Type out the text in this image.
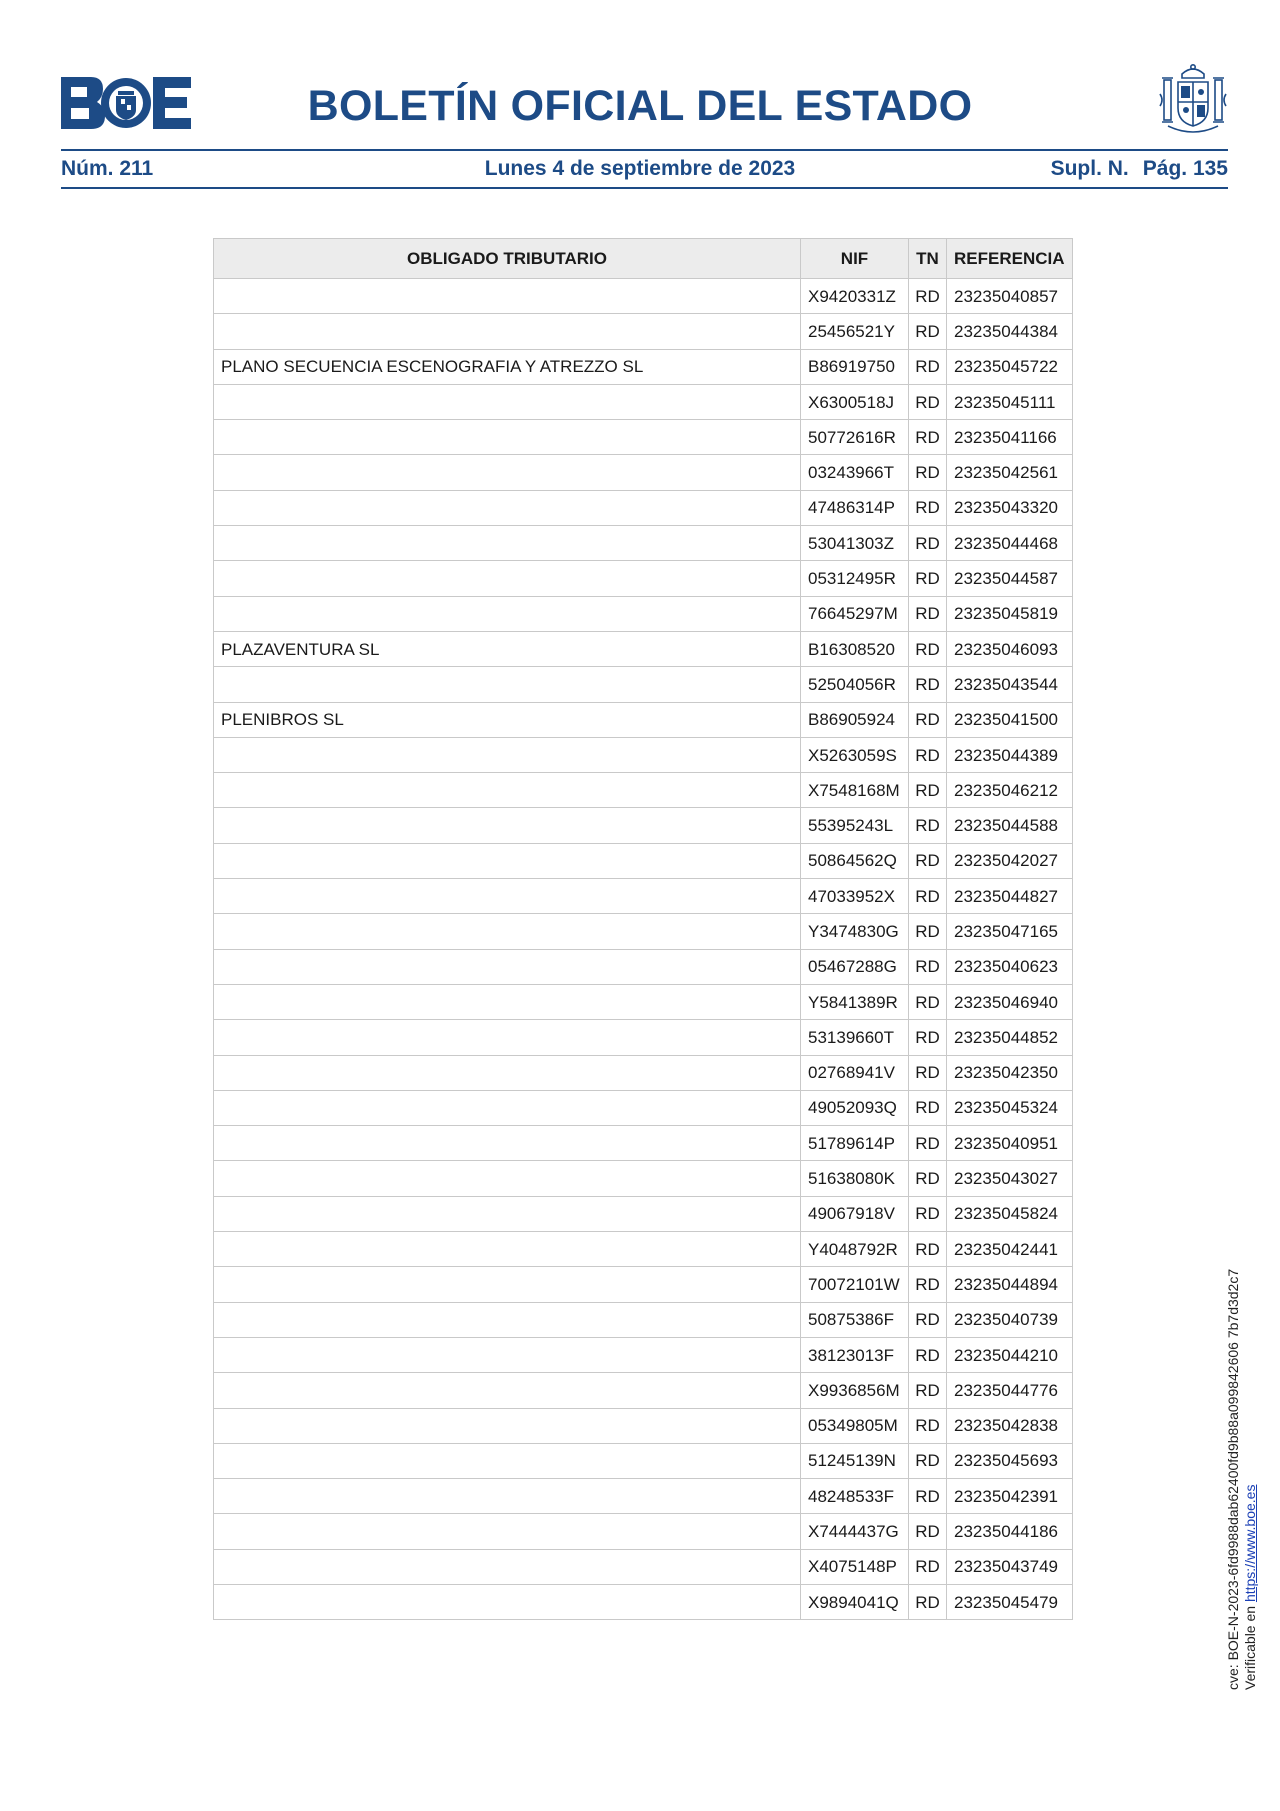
BOLETÍN OFICIAL DEL ESTADO
Núm. 211	Lunes 4 de septiembre de 2023	Supl. N. Pág. 135
OBLIGADO TRIBUTARIO	NIF	TN	REFERENCIA
	X9420331Z	RD	23235040857
	25456521Y	RD	23235044384
PLANO SECUENCIA ESCENOGRAFIA Y ATREZZO SL	B86919750	RD	23235045722
	X6300518J	RD	23235045111
	50772616R	RD	23235041166
	03243966T	RD	23235042561
	47486314P	RD	23235043320
	53041303Z	RD	23235044468
	05312495R	RD	23235044587
	76645297M	RD	23235045819
PLAZAVENTURA SL	B16308520	RD	23235046093
	52504056R	RD	23235043544
PLENIBROS SL	B86905924	RD	23235041500
	X5263059S	RD	23235044389
	X7548168M	RD	23235046212
	55395243L	RD	23235044588
	50864562Q	RD	23235042027
	47033952X	RD	23235044827
	Y3474830G	RD	23235047165
	05467288G	RD	23235040623
	Y5841389R	RD	23235046940
	53139660T	RD	23235044852
	02768941V	RD	23235042350
	49052093Q	RD	23235045324
	51789614P	RD	23235040951
	51638080K	RD	23235043027
	49067918V	RD	23235045824
	Y4048792R	RD	23235042441
	70072101W	RD	23235044894
	50875386F	RD	23235040739
	38123013F	RD	23235044210
	X9936856M	RD	23235044776
	05349805M	RD	23235042838
	51245139N	RD	23235045693
	48248533F	RD	23235042391
	X7444437G	RD	23235044186
	X4075148P	RD	23235043749
	X9894041Q	RD	23235045479	cve: BOE-N-2023-6fd9988dab62400fd9b88a099842606 7b7d3d2c7 Verificable en https://www.boe.es
